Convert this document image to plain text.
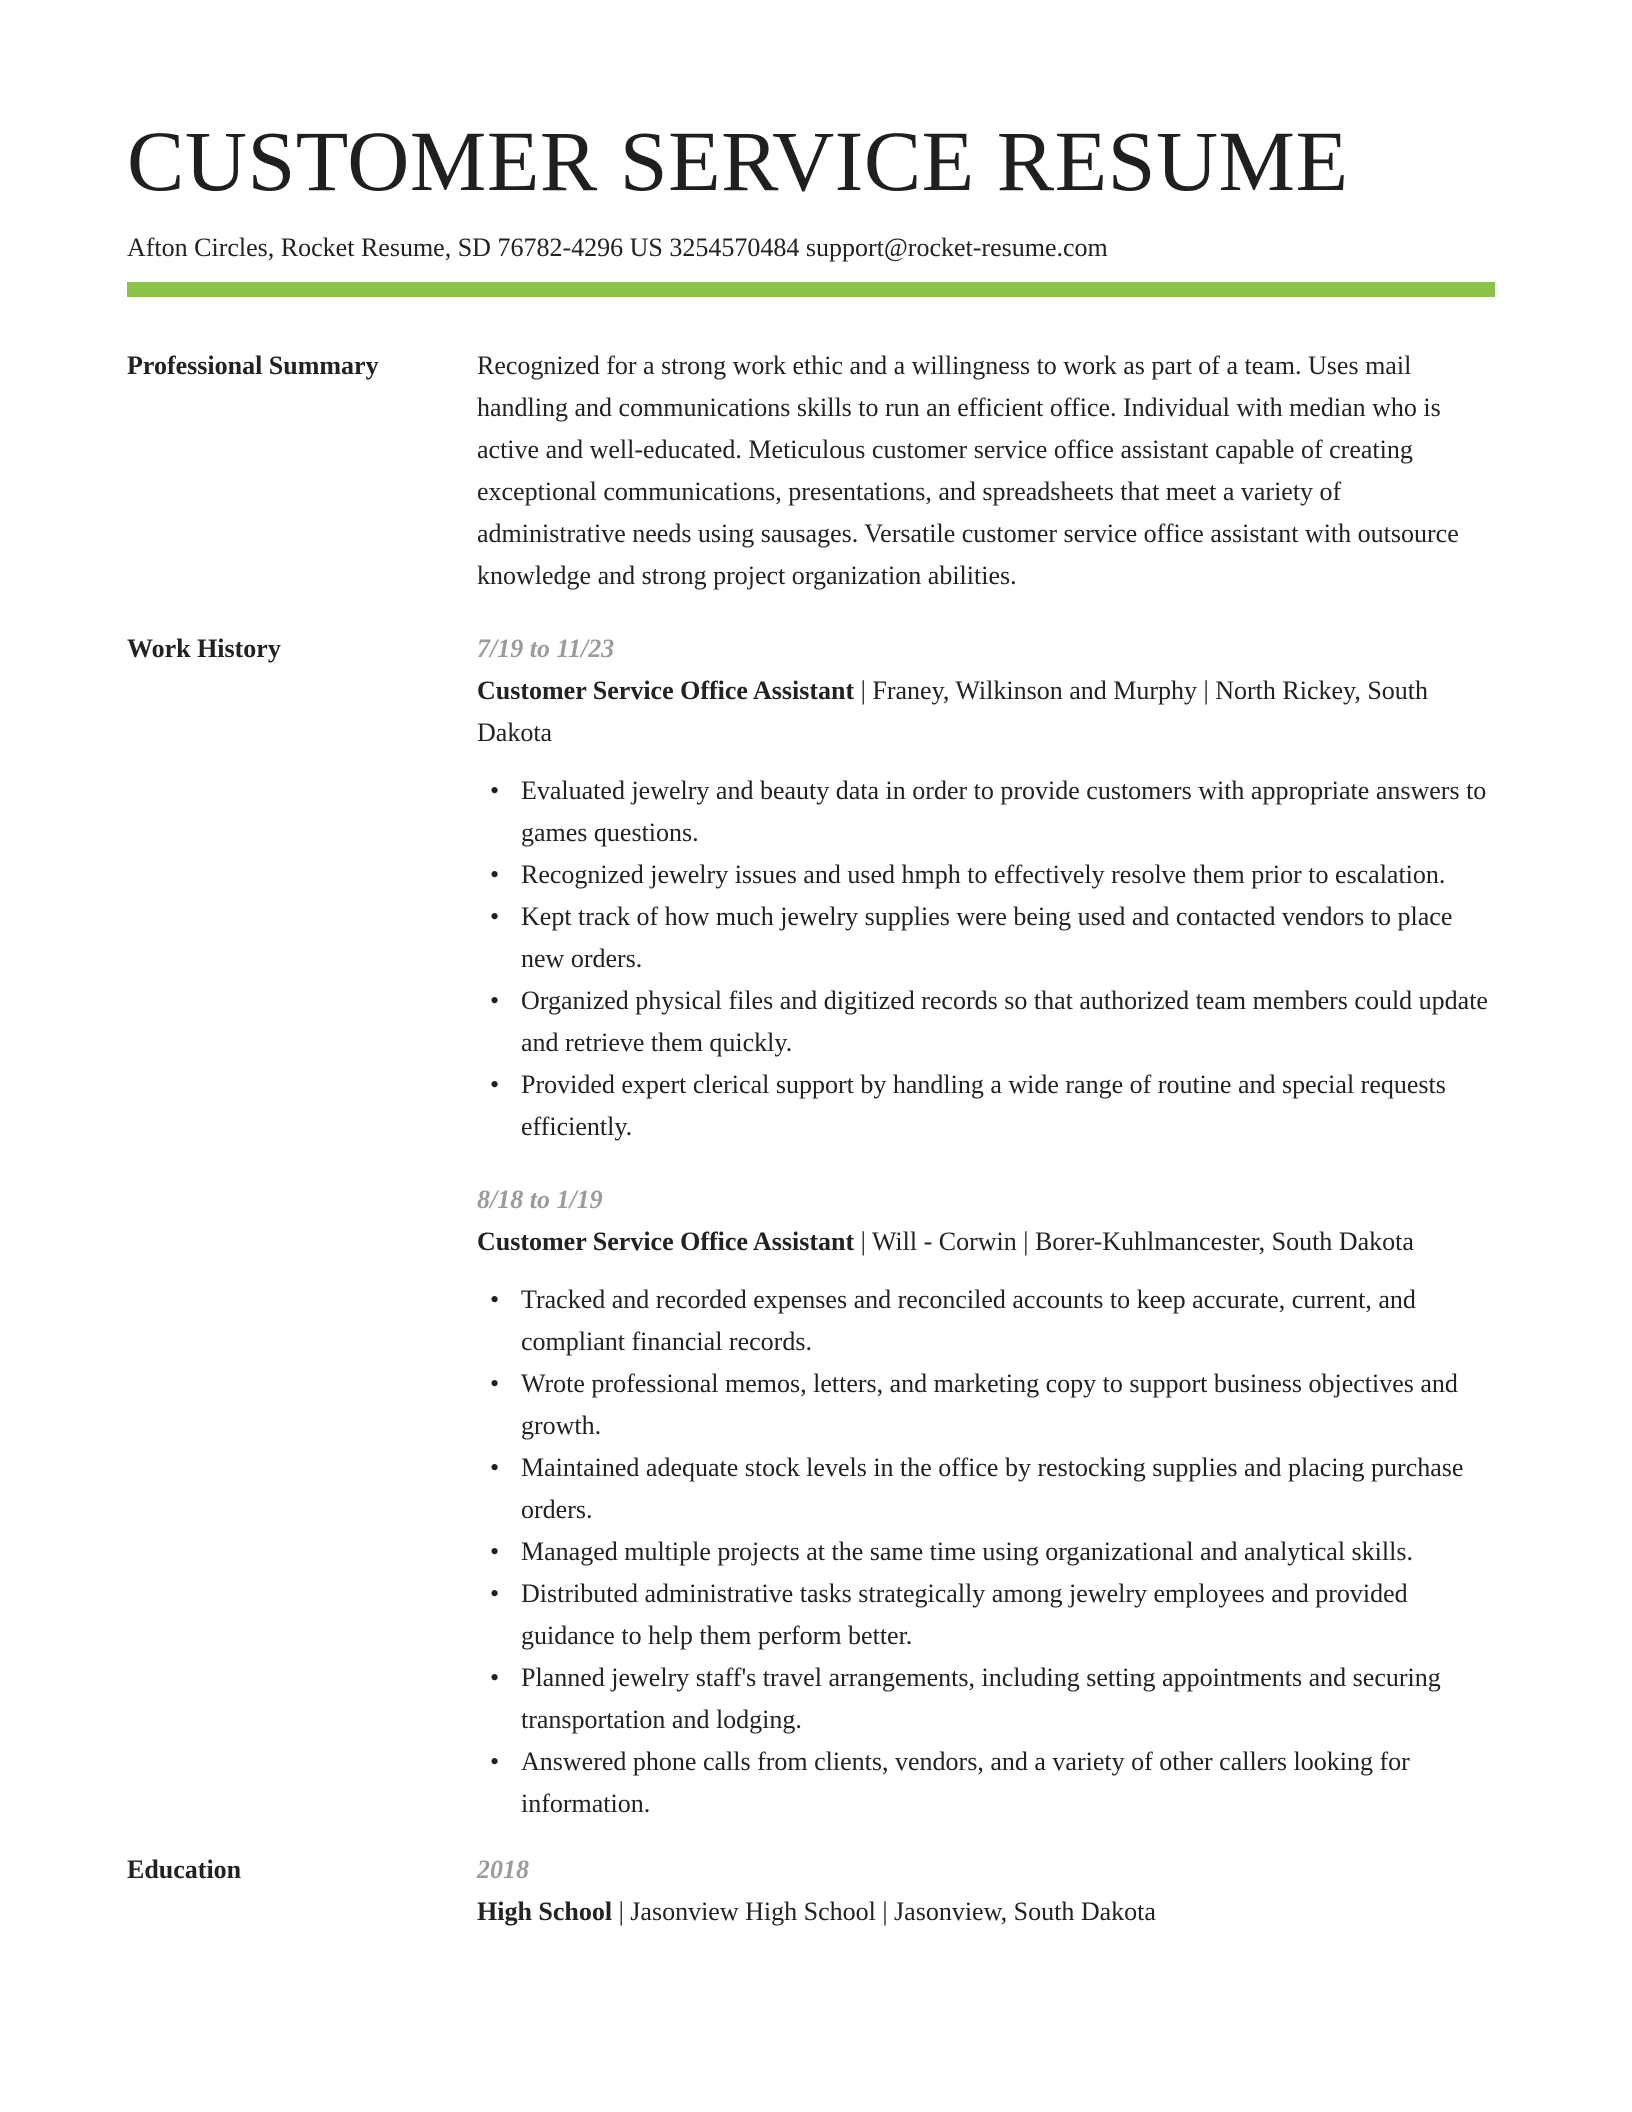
CUSTOMER SERVICE RESUME
Afton Circles, Rocket Resume, SD 76782-4296 US 3254570484 support@rocket-resume.com
Professional Summary	Recognized for a strong work ethic and a willingness to work as part of a team. Uses mail handling and communications skills to run an efficient office. Individual with median who is active and well-educated. Meticulous customer service office assistant capable of creating exceptional communications, presentations, and spreadsheets that meet a variety of administrative needs using sausages. Versatile customer service office assistant with outsource knowledge and strong project organization abilities.
Work History	7/19 to 11/23
Customer Service Office Assistant | Franey, Wilkinson and Murphy | North Rickey, South Dakota
• Evaluated jewelry and beauty data in order to provide customers with appropriate answers to games questions.
• Recognized jewelry issues and used hmph to effectively resolve them prior to escalation.
• Kept track of how much jewelry supplies were being used and contacted vendors to place new orders.
• Organized physical files and digitized records so that authorized team members could update and retrieve them quickly.
• Provided expert clerical support by handling a wide range of routine and special requests efficiently.
8/18 to 1/19
Customer Service Office Assistant | Will - Corwin | Borer-Kuhlmancester, South Dakota
• Tracked and recorded expenses and reconciled accounts to keep accurate, current, and compliant financial records.
• Wrote professional memos, letters, and marketing copy to support business objectives and growth.
• Maintained adequate stock levels in the office by restocking supplies and placing purchase orders.
• Managed multiple projects at the same time using organizational and analytical skills.
• Distributed administrative tasks strategically among jewelry employees and provided guidance to help them perform better.
• Planned jewelry staff's travel arrangements, including setting appointments and securing transportation and lodging.
• Answered phone calls from clients, vendors, and a variety of other callers looking for information.
Education	2018
High School | Jasonview High School | Jasonview, South Dakota
